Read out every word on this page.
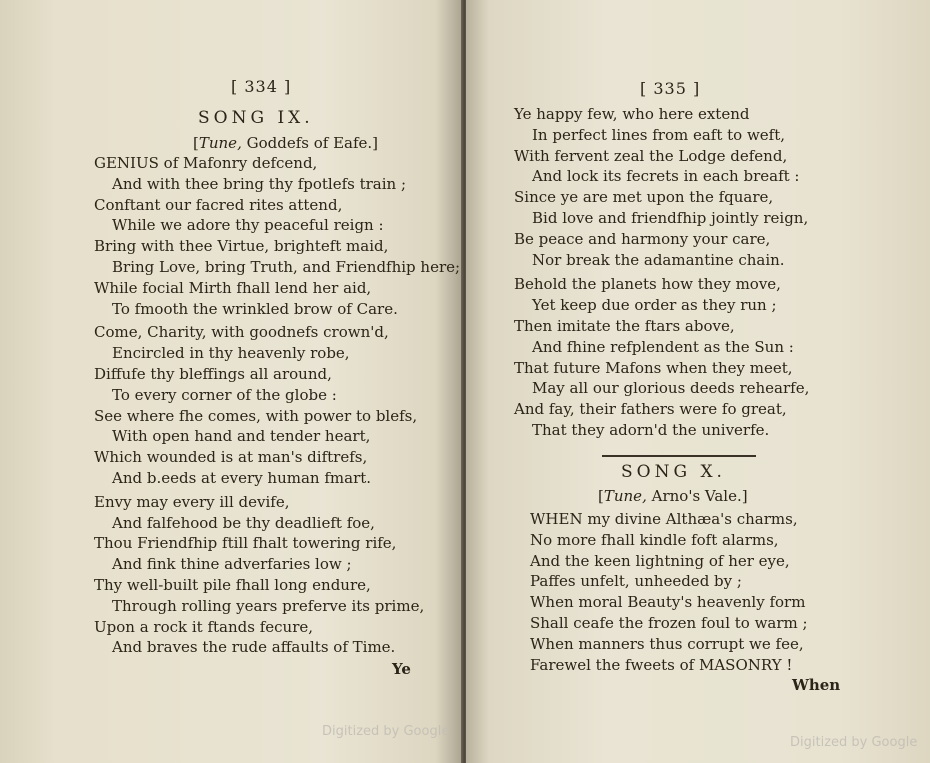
[ 334 ]
SONG IX.
[Tune, Goddefs of Eafe.]
GENIUS of Mafonry defcend,
And with thee bring thy fpotlefs train ;
Conftant our facred rites attend,
While we adore thy peaceful reign :
Bring with thee Virtue, brighteft maid,
Bring Love, bring Truth, and Friendfhip here;
While focial Mirth fhall lend her aid,
To fmooth the wrinkled brow of Care.
Come, Charity, with goodnefs crown'd,
Encircled in thy heavenly robe,
Diffufe thy bleffings all around,
To every corner of the globe :
See where fhe comes, with power to blefs,
With open hand and tender heart,
Which wounded is at man's diftrefs,
And b.eeds at every human fmart.
Envy may every ill devife,
And falfehood be thy deadlieft foe,
Thou Friendfhip ftill fhalt towering rife,
And fink thine adverfaries low ;
Thy well-built pile fhall long endure,
Through rolling years preferve its prime,
Upon a rock it ftands fecure,
And braves the rude affaults of Time.
Ye
Digitized by Google
[ 335 ]
Ye happy few, who here extend
In perfect lines from eaft to weft,
With fervent zeal the Lodge defend,
And lock its fecrets in each breaft :
Since ye are met upon the fquare,
Bid love and friendfhip jointly reign,
Be peace and harmony your care,
Nor break the adamantine chain.
Behold the planets how they move,
Yet keep due order as they run ;
Then imitate the ftars above,
And fhine refplendent as the Sun :
That future Mafons when they meet,
May all our glorious deeds rehearfe,
And fay, their fathers were fo great,
That they adorn'd the univerfe.
SONG X.
[Tune, Arno's Vale.]
WHEN my divine Althæa's charms,
No more fhall kindle foft alarms,
And the keen lightning of her eye,
Paffes unfelt, unheeded by ;
When moral Beauty's heavenly form
Shall ceafe the frozen foul to warm ;
When manners thus corrupt we fee,
Farewel the fweets of MASONRY !
When
Digitized by Google
